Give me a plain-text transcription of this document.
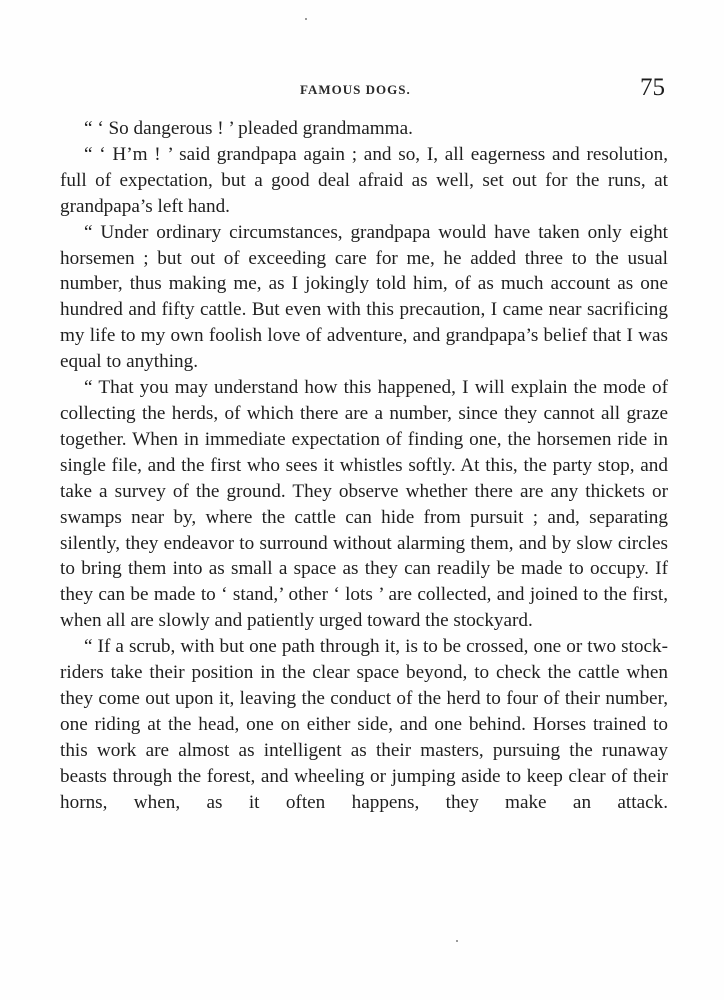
FAMOUS DOGS.	75

“ ‘ So dangerous ! ’ pleaded grandmamma.

“ ‘ H’m ! ’ said grandpapa again ; and so, I, all eagerness and resolution, full of expectation, but a good deal afraid as well, set out for the runs, at grandpapa’s left hand.

“ Under ordinary circumstances, grandpapa would have taken only eight horsemen ; but out of exceeding care for me, he added three to the usual number, thus making me, as I jokingly told him, of as much account as one hundred and fifty cattle. But even with this precaution, I came near sacrificing my life to my own foolish love of adventure, and grandpapa’s belief that I was equal to anything.

“ That you may understand how this happened, I will explain the mode of collecting the herds, of which there are a number, since they cannot all graze together. When in immediate expectation of finding one, the horsemen ride in single file, and the first who sees it whistles softly. At this, the party stop, and take a survey of the ground. They observe whether there are any thickets or swamps near by, where the cattle can hide from pursuit ; and, separating silently, they endeavor to surround without alarming them, and by slow circles to bring them into as small a space as they can readily be made to occupy. If they can be made to ‘ stand,’ other ‘ lots ’ are collected, and joined to the first, when all are slowly and patiently urged toward the stockyard.

“ If a scrub, with but one path through it, is to be crossed, one or two stock-riders take their position in the clear space beyond, to check the cattle when they come out upon it, leaving the conduct of the herd to four of their number, one riding at the head, one on either side, and one behind. Horses trained to this work are almost as intelligent as their masters, pursuing the runaway beasts through the forest, and wheeling or jumping aside to keep clear of their horns, when, as it often happens, they make an attack.
